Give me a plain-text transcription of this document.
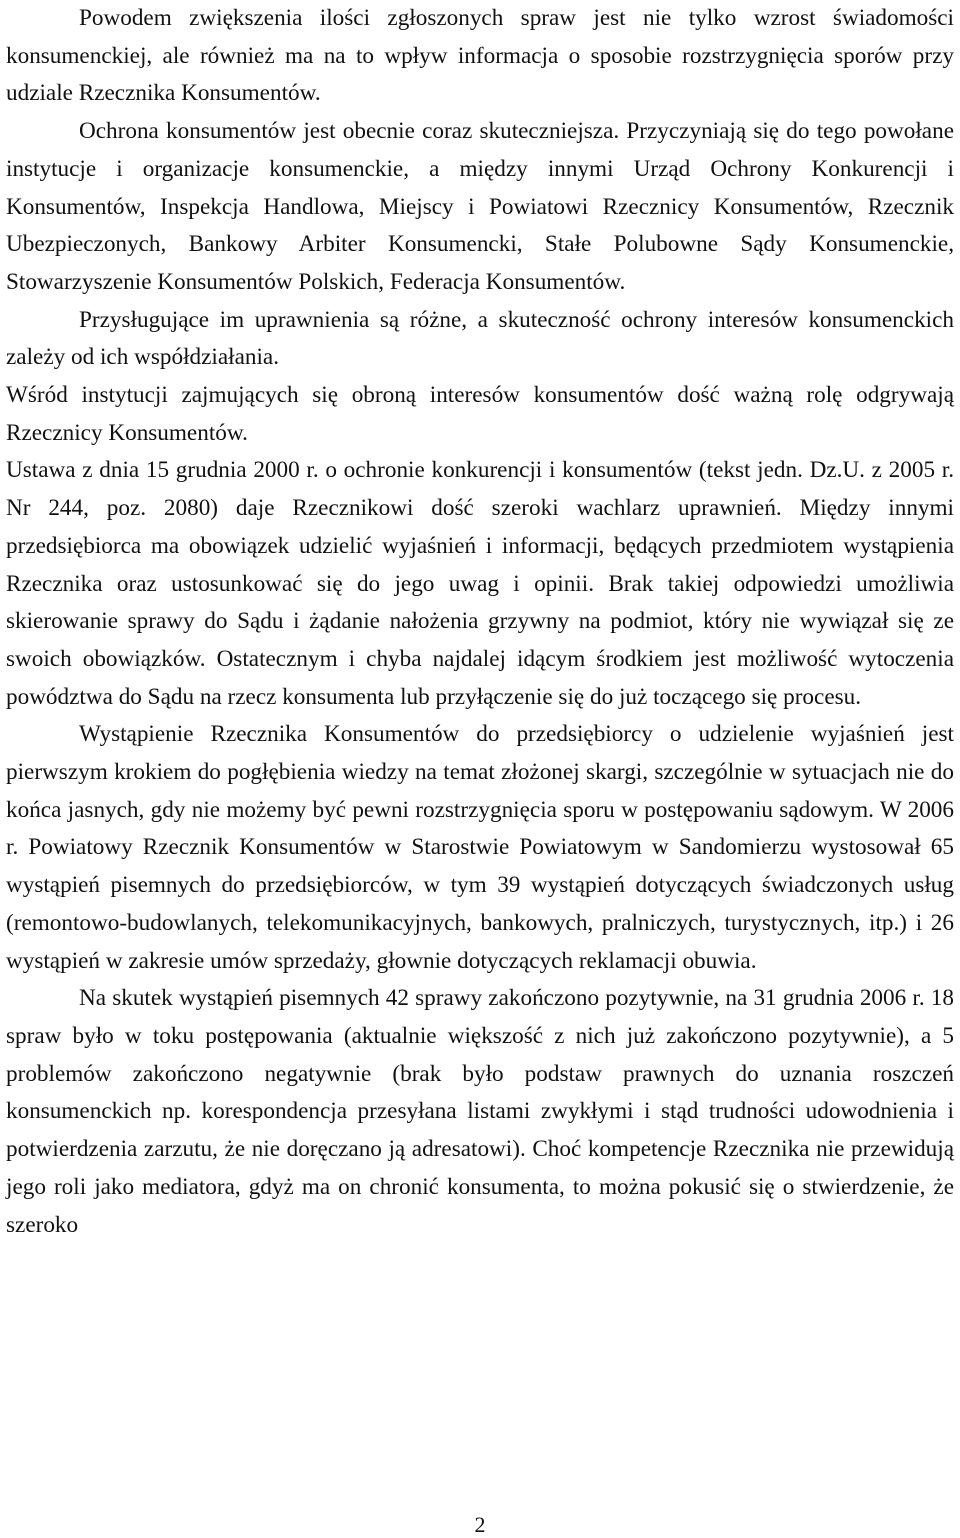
Powodem zwiększenia ilości zgłoszonych spraw jest nie tylko wzrost świadomości konsumenckiej, ale również ma na to wpływ informacja o sposobie rozstrzygnięcia sporów przy udziale Rzecznika Konsumentów.

Ochrona konsumentów jest obecnie coraz skuteczniejsza. Przyczyniają się do tego powołane instytucje i organizacje konsumenckie, a między innymi Urząd Ochrony Konkurencji i Konsumentów, Inspekcja Handlowa, Miejscy i Powiatowi Rzecznicy Konsumentów, Rzecznik Ubezpieczonych, Bankowy Arbiter Konsumencki, Stałe Polubowne Sądy Konsumenckie, Stowarzyszenie Konsumentów Polskich, Federacja Konsumentów.

Przysługujące im uprawnienia są różne, a skuteczność ochrony interesów konsumenckich zależy od ich współdziałania.

Wśród instytucji zajmujących się obroną interesów konsumentów dość ważną rolę odgrywają Rzecznicy Konsumentów.

Ustawa z dnia 15 grudnia 2000 r. o ochronie konkurencji i konsumentów (tekst jedn. Dz.U. z 2005 r. Nr 244, poz. 2080) daje Rzecznikowi dość szeroki wachlarz uprawnień. Między innymi przedsiębiorca ma obowiązek udzielić wyjaśnień i informacji, będących przedmiotem wystąpienia Rzecznika oraz ustosunkować się do jego uwag i opinii. Brak takiej odpowiedzi umożliwia skierowanie sprawy do Sądu i żądanie nałożenia grzywny na podmiot, który nie wywiązał się ze swoich obowiązków. Ostatecznym i chyba najdalej idącym środkiem jest możliwość wytoczenia powództwa do Sądu na rzecz konsumenta lub przyłączenie się do już toczącego się procesu.

Wystąpienie Rzecznika Konsumentów do przedsiębiorcy o udzielenie wyjaśnień jest pierwszym krokiem do pogłębienia wiedzy na temat złożonej skargi, szczególnie w sytuacjach nie do końca jasnych, gdy nie możemy być pewni rozstrzygnięcia sporu w postępowaniu sądowym. W 2006 r. Powiatowy Rzecznik Konsumentów w Starostwie Powiatowym w Sandomierzu wystosował 65 wystąpień pisemnych do przedsiębiorców, w tym 39 wystąpień dotyczących świadczonych usług (remontowo-budowlanych, telekomunikacyjnych, bankowych, pralniczych, turystycznych, itp.) i 26 wystąpień w zakresie umów sprzedaży, głownie dotyczących reklamacji obuwia.

Na skutek wystąpień pisemnych 42 sprawy zakończono pozytywnie, na 31 grudnia 2006 r. 18 spraw było w toku postępowania (aktualnie większość z nich już zakończono pozytywnie), a 5 problemów zakończono negatywnie (brak było podstaw prawnych do uznania roszczeń konsumenckich np. korespondencja przesyłana listami zwykłymi i stąd trudności udowodnienia i potwierdzenia zarzutu, że nie doręczano ją adresatowi). Choć kompetencje Rzecznika nie przewidują jego roli jako mediatora, gdyż ma on chronić konsumenta, to można pokusić się o stwierdzenie, że szeroko

2
